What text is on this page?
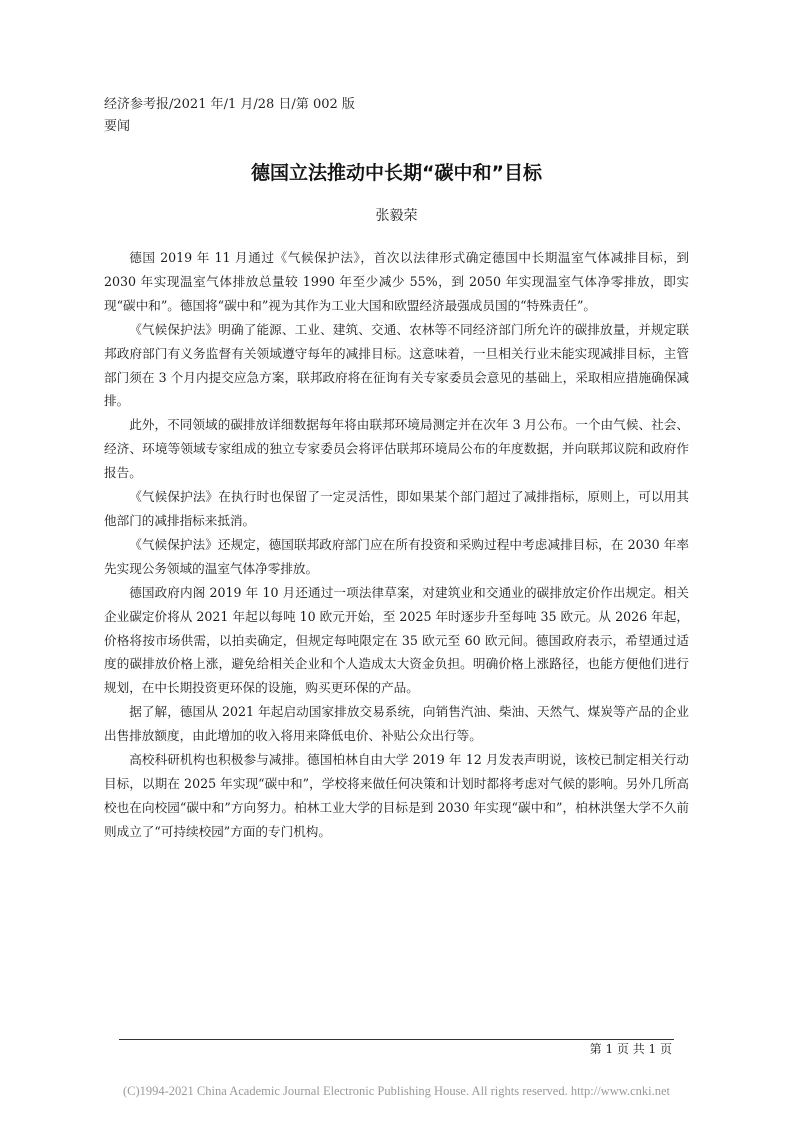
经济参考报/2021 年/1 月/28 日/第 002 版
要闻
德国立法推动中长期“碳中和”目标
张毅荣

德国 2019 年 11 月通过《气候保护法》，首次以法律形式确定德国中长期温室气体减排目标，到 2030 年实现温室气体排放总量较 1990 年至少减少 55%，到 2050 年实现温室气体净零排放，即实现“碳中和”。德国将“碳中和”视为其作为工业大国和欧盟经济最强成员国的“特殊责任”。

《气候保护法》明确了能源、工业、建筑、交通、农林等不同经济部门所允许的碳排放量，并规定联邦政府部门有义务监督有关领域遵守每年的减排目标。这意味着，一旦相关行业未能实现减排目标，主管部门须在 3 个月内提交应急方案，联邦政府将在征询有关专家委员会意见的基础上，采取相应措施确保减排。

此外，不同领域的碳排放详细数据每年将由联邦环境局测定并在次年 3 月公布。一个由气候、社会、经济、环境等领域专家组成的独立专家委员会将评估联邦环境局公布的年度数据，并向联邦议院和政府作报告。

《气候保护法》在执行时也保留了一定灵活性，即如果某个部门超过了减排指标，原则上，可以用其他部门的减排指标来抵消。

《气候保护法》还规定，德国联邦政府部门应在所有投资和采购过程中考虑减排目标，在 2030 年率先实现公务领域的温室气体净零排放。

德国政府内阁 2019 年 10 月还通过一项法律草案，对建筑业和交通业的碳排放定价作出规定。相关企业碳定价将从 2021 年起以每吨 10 欧元开始，至 2025 年时逐步升至每吨 35 欧元。从 2026 年起，价格将按市场供需，以拍卖确定，但规定每吨限定在 35 欧元至 60 欧元间。德国政府表示，希望通过适度的碳排放价格上涨，避免给相关企业和个人造成太大资金负担。明确价格上涨路径，也能方便他们进行规划，在中长期投资更环保的设施，购买更环保的产品。

据了解，德国从 2021 年起启动国家排放交易系统，向销售汽油、柴油、天然气、煤炭等产品的企业出售排放额度，由此增加的收入将用来降低电价、补贴公众出行等。

高校科研机构也积极参与减排。德国柏林自由大学 2019 年 12 月发表声明说，该校已制定相关行动目标，以期在 2025 年实现“碳中和”，学校将来做任何决策和计划时都将考虑对气候的影响。另外几所高校也在向校园“碳中和”方向努力。柏林工业大学的目标是到 2030 年实现“碳中和”，柏林洪堡大学不久前则成立了“可持续校园”方面的专门机构。

第 1 页 共 1 页
(C)1994-2021 China Academic Journal Electronic Publishing House. All rights reserved. http://www.cnki.net
